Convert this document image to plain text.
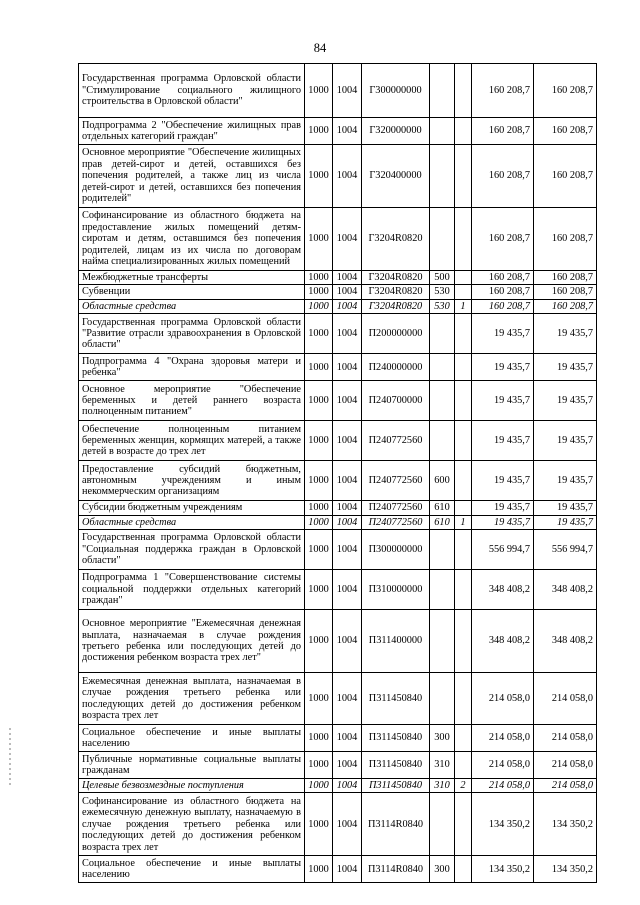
84
Государственная программа Орловской области "Стимулирование социального жилищного строительства в Орловской области"	1000	1004	Г300000000			160 208,7	160 208,7
Подпрограмма 2 "Обеспечение жилищных прав отдельных категорий граждан"	1000	1004	Г320000000			160 208,7	160 208,7
Основное мероприятие "Обеспечение жилищных прав детей-сирот и детей, оставшихся без попечения родителей, а также лиц из числа детей-сирот и детей, оставшихся без попечения родителей"	1000	1004	Г320400000			160 208,7	160 208,7
Софинансирование из областного бюджета на предоставление жилых помещений детям-сиротам и детям, оставшимся без попечения родителей, лицам из их числа по договорам найма специализированных жилых помещений	1000	1004	Г3204R0820			160 208,7	160 208,7
Межбюджетные трансферты	1000	1004	Г3204R0820	500		160 208,7	160 208,7
Субвенции	1000	1004	Г3204R0820	530		160 208,7	160 208,7
Областные средства	1000	1004	Г3204R0820	530	1	160 208,7	160 208,7
Государственная программа Орловской области "Развитие отрасли здравоохранения в Орловской области"	1000	1004	П200000000			19 435,7	19 435,7
Подпрограмма 4 "Охрана здоровья матери и ребенка"	1000	1004	П240000000			19 435,7	19 435,7
Основное мероприятие "Обеспечение беременных и детей раннего возраста полноценным питанием"	1000	1004	П240700000			19 435,7	19 435,7
Обеспечение полноценным питанием беременных женщин, кормящих матерей, а также детей в возрасте до трех лет	1000	1004	П240772560			19 435,7	19 435,7
Предоставление субсидий бюджетным, автономным учреждениям и иным некоммерческим организациям	1000	1004	П240772560	600		19 435,7	19 435,7
Субсидии бюджетным учреждениям	1000	1004	П240772560	610		19 435,7	19 435,7
Областные средства	1000	1004	П240772560	610	1	19 435,7	19 435,7
Государственная программа Орловской области "Социальная поддержка граждан в Орловской области"	1000	1004	П300000000			556 994,7	556 994,7
Подпрограмма 1 "Совершенствование системы социальной поддержки отдельных категорий граждан"	1000	1004	П310000000			348 408,2	348 408,2
Основное мероприятие "Ежемесячная денежная выплата, назначаемая в случае рождения третьего ребенка или последующих детей до достижения ребенком возраста трех лет"	1000	1004	П311400000			348 408,2	348 408,2
Ежемесячная денежная выплата, назначаемая в случае рождения третьего ребенка или последующих детей до достижения ребенком возраста трех лет	1000	1004	П311450840			214 058,0	214 058,0
Социальное обеспечение и иные выплаты населению	1000	1004	П311450840	300		214 058,0	214 058,0
Публичные нормативные социальные выплаты гражданам	1000	1004	П311450840	310		214 058,0	214 058,0
Целевые безвозмездные поступления	1000	1004	П311450840	310	2	214 058,0	214 058,0
Софинансирование из областного бюджета на ежемесячную денежную выплату, назначаемую в случае рождения третьего ребенка или последующих детей до достижения ребенком возраста трех лет	1000	1004	П3114R0840			134 350,2	134 350,2
Социальное обеспечение и иные выплаты населению	1000	1004	П3114R0840	300		134 350,2	134 350,2
